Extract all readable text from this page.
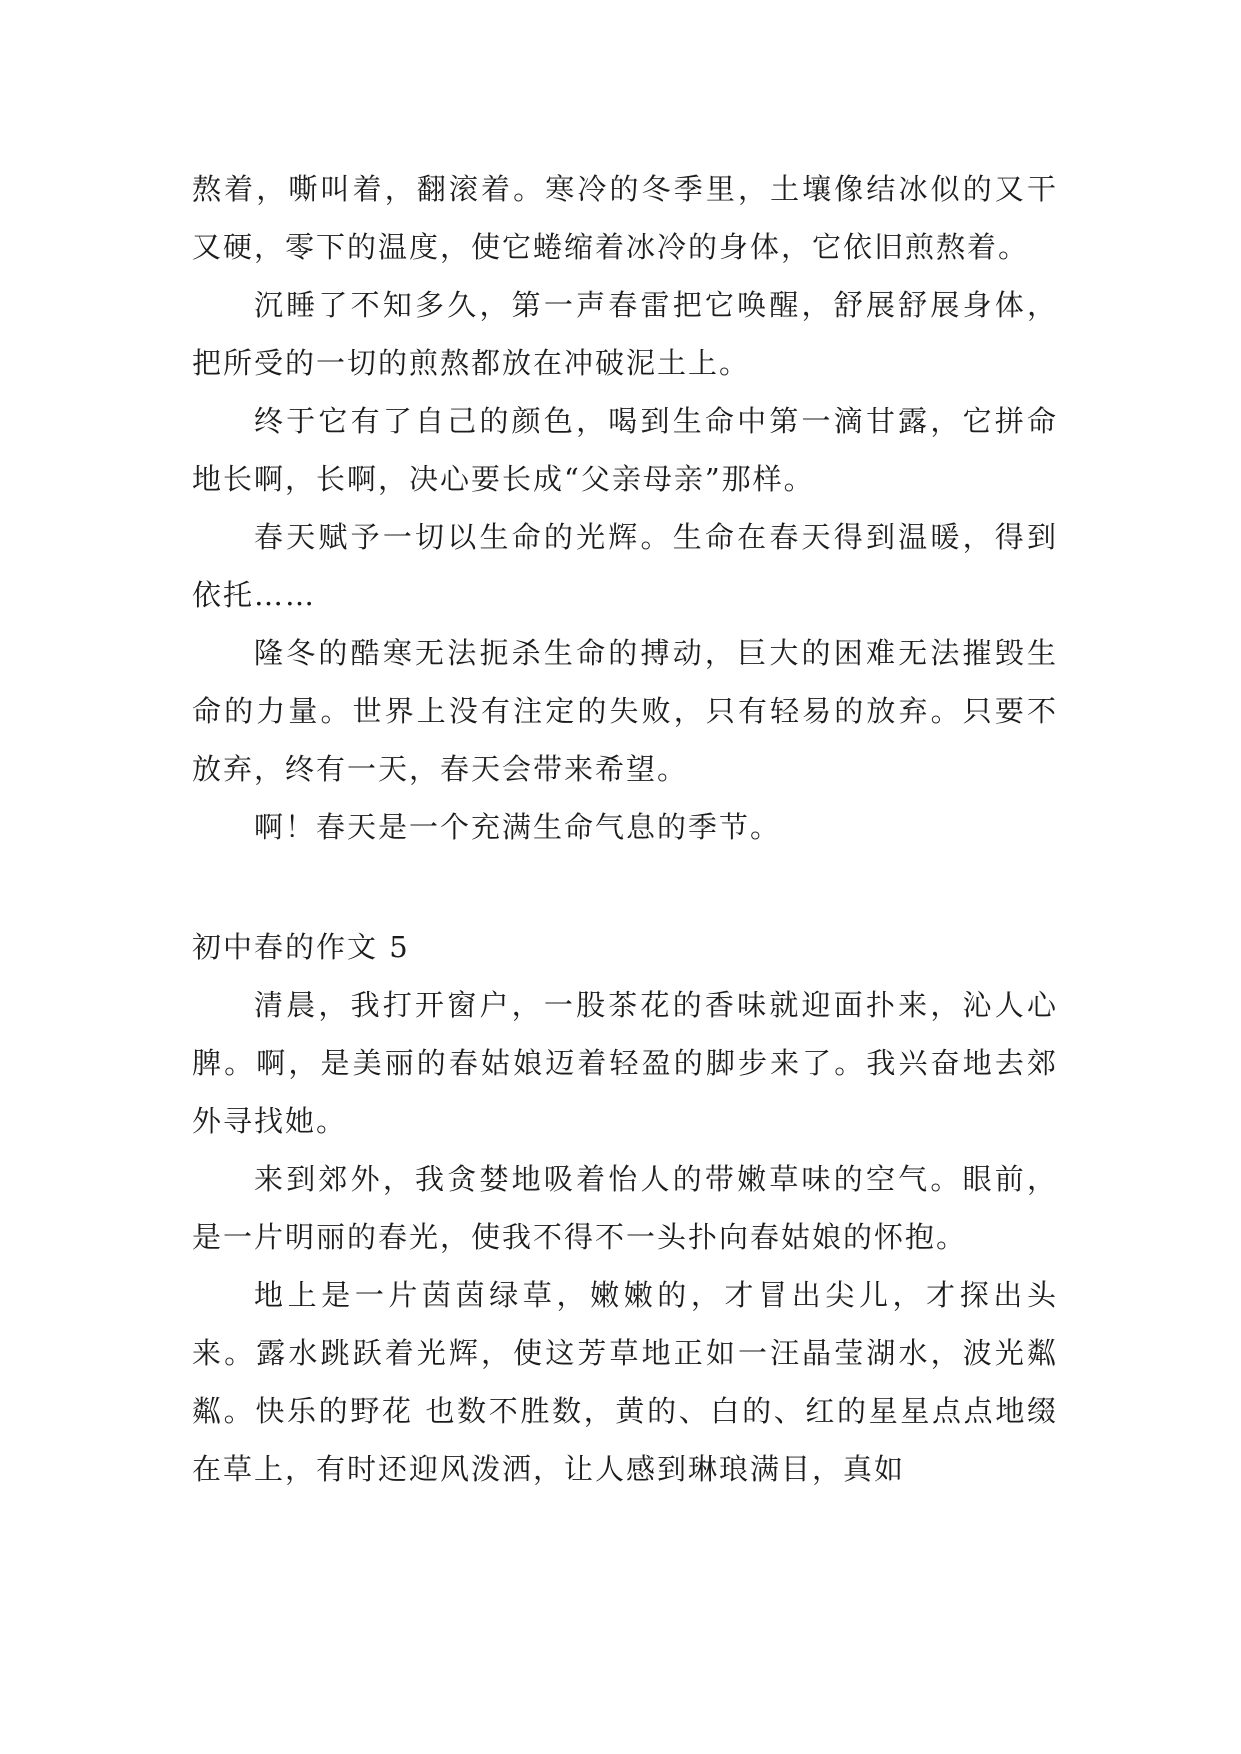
熬着，嘶叫着，翻滚着。寒冷的冬季里，土壤像结冰似的又干又硬，零下的温度，使它蜷缩着冰冷的身体，它依旧煎熬着。

沉睡了不知多久，第一声春雷把它唤醒，舒展舒展身体，把所受的一切的煎熬都放在冲破泥土上。

终于它有了自己的颜色，喝到生命中第一滴甘露，它拼命地长啊，长啊，决心要长成“父亲母亲”那样。

春天赋予一切以生命的光辉。生命在春天得到温暖，得到依托……

隆冬的酷寒无法扼杀生命的搏动，巨大的困难无法摧毁生命的力量。世界上没有注定的失败，只有轻易的放弃。只要不放弃，终有一天，春天会带来希望。

啊！春天是一个充满生命气息的季节。

初中春的作文 5

清晨，我打开窗户，一股茶花的香味就迎面扑来，沁人心脾。啊，是美丽的春姑娘迈着轻盈的脚步来了。我兴奋地去郊外寻找她。

来到郊外，我贪婪地吸着怡人的带嫩草味的空气。眼前，是一片明丽的春光，使我不得不一头扑向春姑娘的怀抱。

地上是一片茵茵绿草，嫩嫩的，才冒出尖儿，才探出头来。露水跳跃着光辉，使这芳草地正如一汪晶莹湖水，波光粼粼。快乐的野花 也数不胜数，黄的、白的、红的星星点点地缀在草上，有时还迎风泼洒，让人感到琳琅满目，真如
